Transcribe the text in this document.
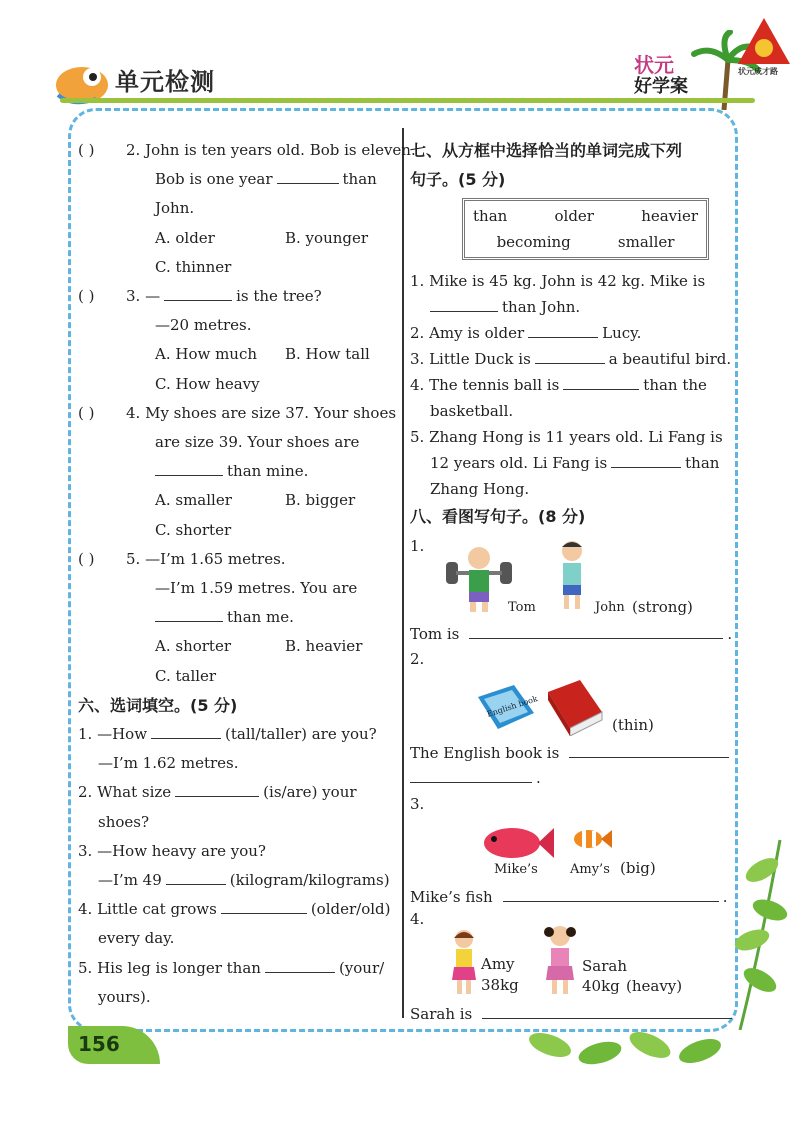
单元检测
状元
好学案
状元成才路
( ) 2. John is ten years old. Bob is eleven.
Bob is one year	than
John.
A. older	B. younger
C. thinner
( ) 3. —	is the tree?
—20 metres.
A. How much B. How tall
C. How heavy
( ) 4. My shoes are size 37. Your shoes
are size 39. Your shoes are
than mine.
A. smaller	B. bigger
C. shorter
( ) 5. —I’m 1.65 metres.
—I’m 1.59 metres. You are
than me.
A. shorter	B. heavier
C. taller
六、选词填空。(5 分)
1. —How	(tall/taller) are you?
—I’m 1.62 metres.
2. What size	(is/are) your
shoes?
3. —How heavy are you?
—I’m 49	(kilogram/kilograms)
4. Little cat grows	(older/old)
every day.
5. His leg is longer than	(your/
yours).
七、从方框中选择恰当的单词完成下列
句子。(5 分)
than	older	heavier
becoming	smaller
1. Mike is 45 kg. John is 42 kg. Mike is
than John.
2. Amy is older	Lucy.
3. Little Duck is	a beautiful bird.
4. The tennis ball is	than the
basketball.
5. Zhang Hong is 11 years old. Li Fang is
12 years old. Li Fang is	than
Zhang Hong.
八、看图写句子。(8 分)
1.
Tom	John (strong)
Tom is	.
2.
English book
(thin)
The English book is
.
3.
Mike’s Amy’s (big)
Mike’s fish	.
4.
Amy
38kg
Sarah
40kg (heavy)
Sarah is
156
